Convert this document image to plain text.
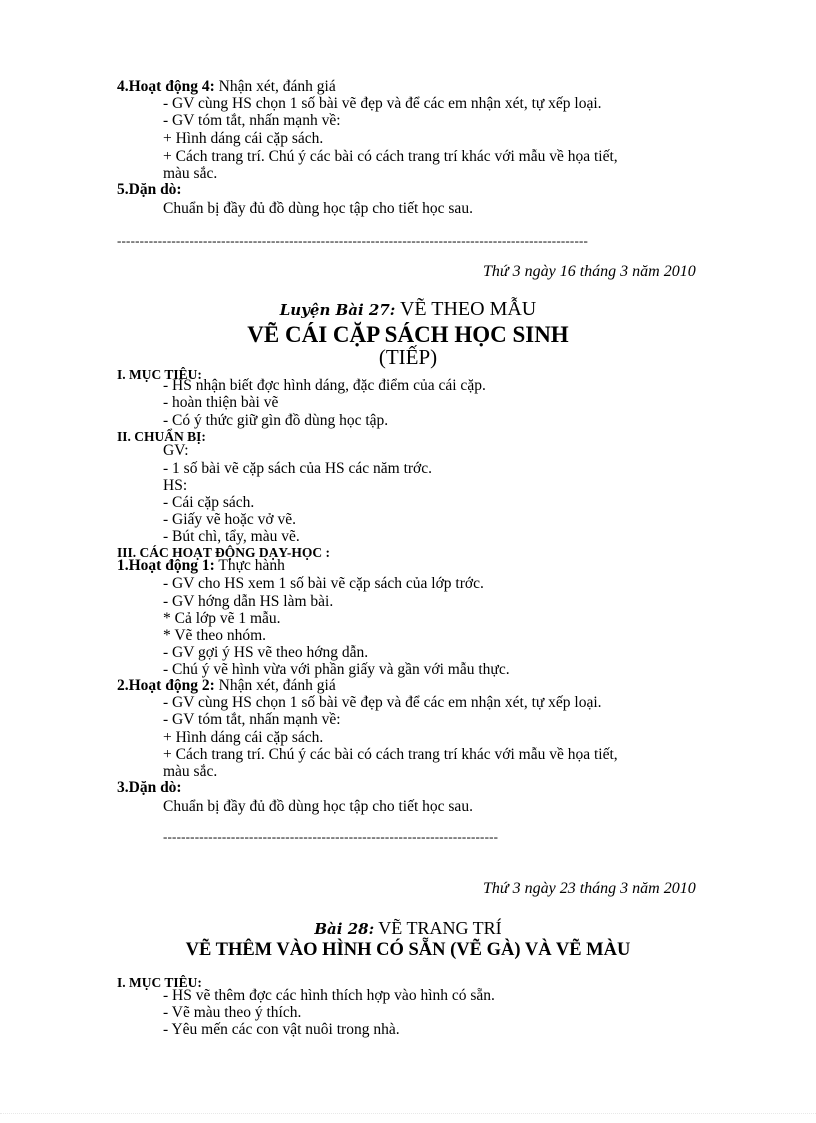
4.Hoạt động 4: Nhận xét, đánh giá
- GV cùng HS chọn 1 số bài vẽ đẹp và để các em nhận xét, tự xếp loại.
- GV tóm tắt, nhấn mạnh về:
+ Hình dáng cái cặp sách.
+ Cách trang trí. Chú ý các bài có cách trang trí khác với mẫu về họa tiết,
màu sắc.
5.Dặn dò:
Chuẩn bị đầy đủ đồ dùng học tập cho tiết học sau.
--------------------------------------------------------------------------------------------------------
Thứ 3 ngày 16 tháng 3 năm 2010
Luyện Bài 27: VẼ THEO MẪU
VẼ CÁI CẶP SÁCH HỌC SINH
(TIẾP)
I. MỤC TIÊU:
- HS nhận biết đợc hình dáng, đặc điểm của cái cặp.
- hoàn thiện bài vẽ
- Có ý thức giữ gìn đồ dùng học tập.
II. CHUẨN BỊ:
GV:
- 1 số bài vẽ cặp sách của HS các năm trớc.
HS:
- Cái cặp sách.
- Giấy vẽ hoặc vở vẽ.
- Bút chì, tẩy, màu vẽ.
III. CÁC HOẠT ĐỘNG DẠY-HỌC :
1.Hoạt động 1: Thực hành
- GV cho HS xem 1 số bài vẽ cặp sách của lớp trớc.
- GV hớng dẫn HS làm bài.
* Cả lớp vẽ 1 mẫu.
* Vẽ theo nhóm.
- GV gợi ý HS vẽ theo hớng dẫn.
- Chú ý vẽ hình vừa với phần giấy và gần với mẫu thực.
2.Hoạt động 2: Nhận xét, đánh giá
- GV cùng HS chọn 1 số bài vẽ đẹp và để các em nhận xét, tự xếp loại.
- GV tóm tắt, nhấn mạnh về:
+ Hình dáng cái cặp sách.
+ Cách trang trí. Chú ý các bài có cách trang trí khác với mẫu về họa tiết,
màu sắc.
3.Dặn dò:
Chuẩn bị đầy đủ đồ dùng học tập cho tiết học sau.
--------------------------------------------------------------------------
Thứ 3 ngày 23 tháng 3 năm 2010
Bài 28: VẼ TRANG TRÍ
VẼ THÊM VÀO HÌNH CÓ SẴN (VẼ GÀ) VÀ VẼ MÀU
I. MỤC TIÊU:
- HS vẽ thêm đợc các hình thích hợp vào hình có sẵn.
- Vẽ màu theo ý thích.
- Yêu mến các con vật nuôi trong nhà.
